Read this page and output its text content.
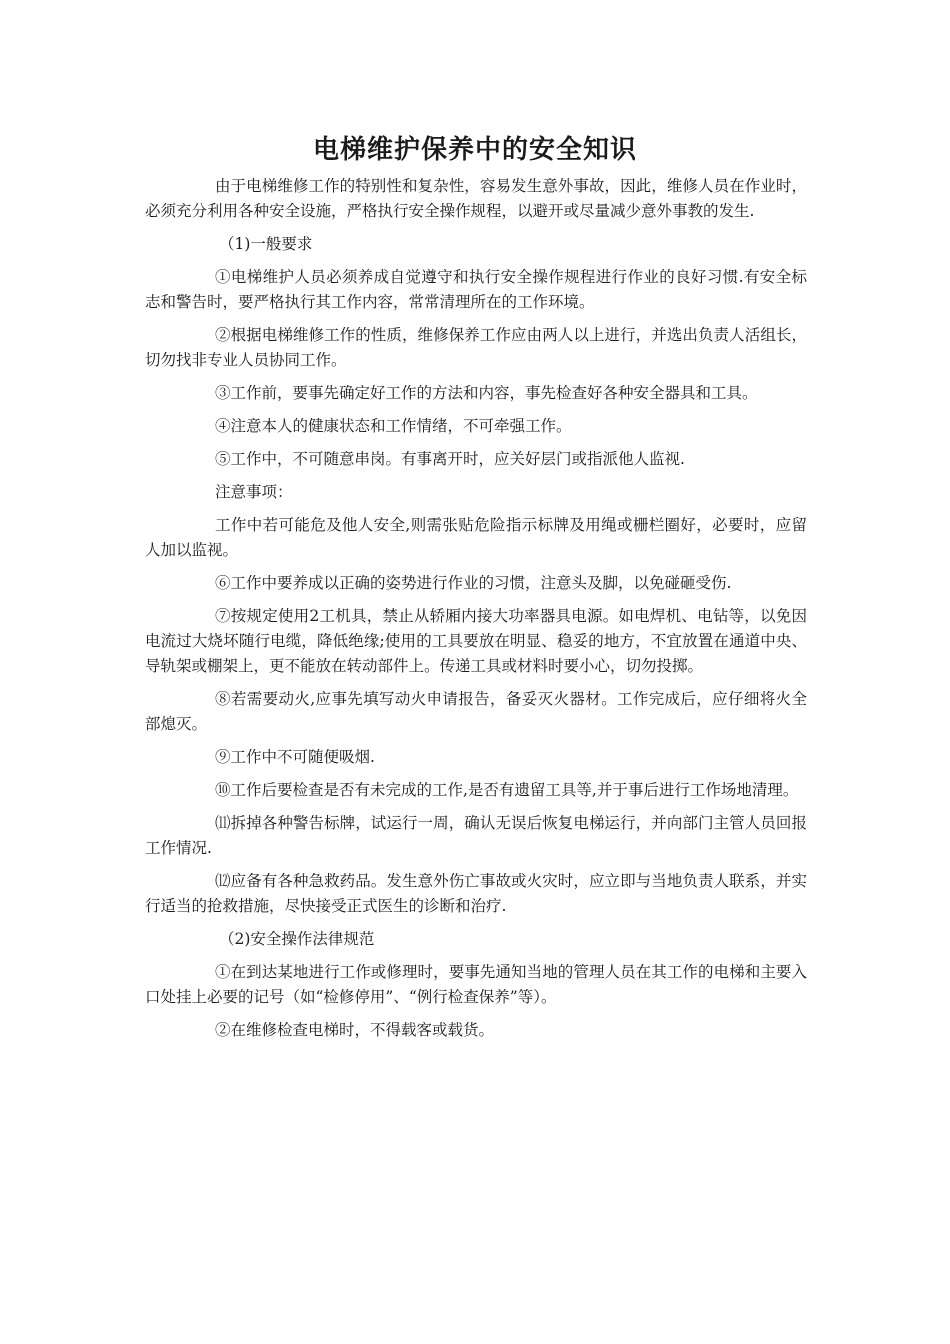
电梯维护保养中的安全知识

由于电梯维修工作的特别性和复杂性，容易发生意外事故，因此，维修人员在作业时，必须充分利用各种安全设施，严格执行安全操作规程，以避开或尽量减少意外事教的发生.

（1)一般要求

①电梯维护人员必须养成自觉遵守和执行安全操作规程进行作业的良好习惯.有安全标志和警告时，要严格执行其工作内容，常常清理所在的工作环境。

②根据电梯维修工作的性质，维修保养工作应由两人以上进行，并选出负责人活组长，切勿找非专业人员协同工作。

③工作前，要事先确定好工作的方法和内容，事先检查好各种安全器具和工具。

④注意本人的健康状态和工作情绪，不可牵强工作。

⑤工作中，不可随意串岗。有事离开时，应关好层门或指派他人监视.

注意事项：

工作中若可能危及他人安全,则需张贴危险指示标牌及用绳或栅栏圈好，必要时，应留人加以监视。

⑥工作中要养成以正确的姿势进行作业的习惯，注意头及脚，以免碰砸受伤.

⑦按规定使用2工机具，禁止从轿厢内接大功率器具电源。如电焊机、电钻等，以免因电流过大烧坏随行电缆，降低绝缘;使用的工具要放在明显、稳妥的地方，不宜放置在通道中央、导轨架或棚架上，更不能放在转动部件上。传递工具或材料时要小心，切勿投掷。

⑧若需要动火,应事先填写动火申请报告，备妥灭火器材。工作完成后，应仔细将火全部熄灭。

⑨工作中不可随便吸烟.

⑩工作后要检查是否有未完成的工作,是否有遗留工具等,并于事后进行工作场地清理。

⑾拆掉各种警告标牌，试运行一周，确认无误后恢复电梯运行，并向部门主管人员回报工作情况.

⑿应备有各种急救药品。发生意外伤亡事故或火灾时，应立即与当地负责人联系，并实行适当的抢救措施，尽快接受正式医生的诊断和治疗.

（2)安全操作法律规范

①在到达某地进行工作或修理时，要事先通知当地的管理人员在其工作的电梯和主要入口处挂上必要的记号（如“检修停用”、“例行检查保养”等）。

②在维修检查电梯时，不得载客或载货。
